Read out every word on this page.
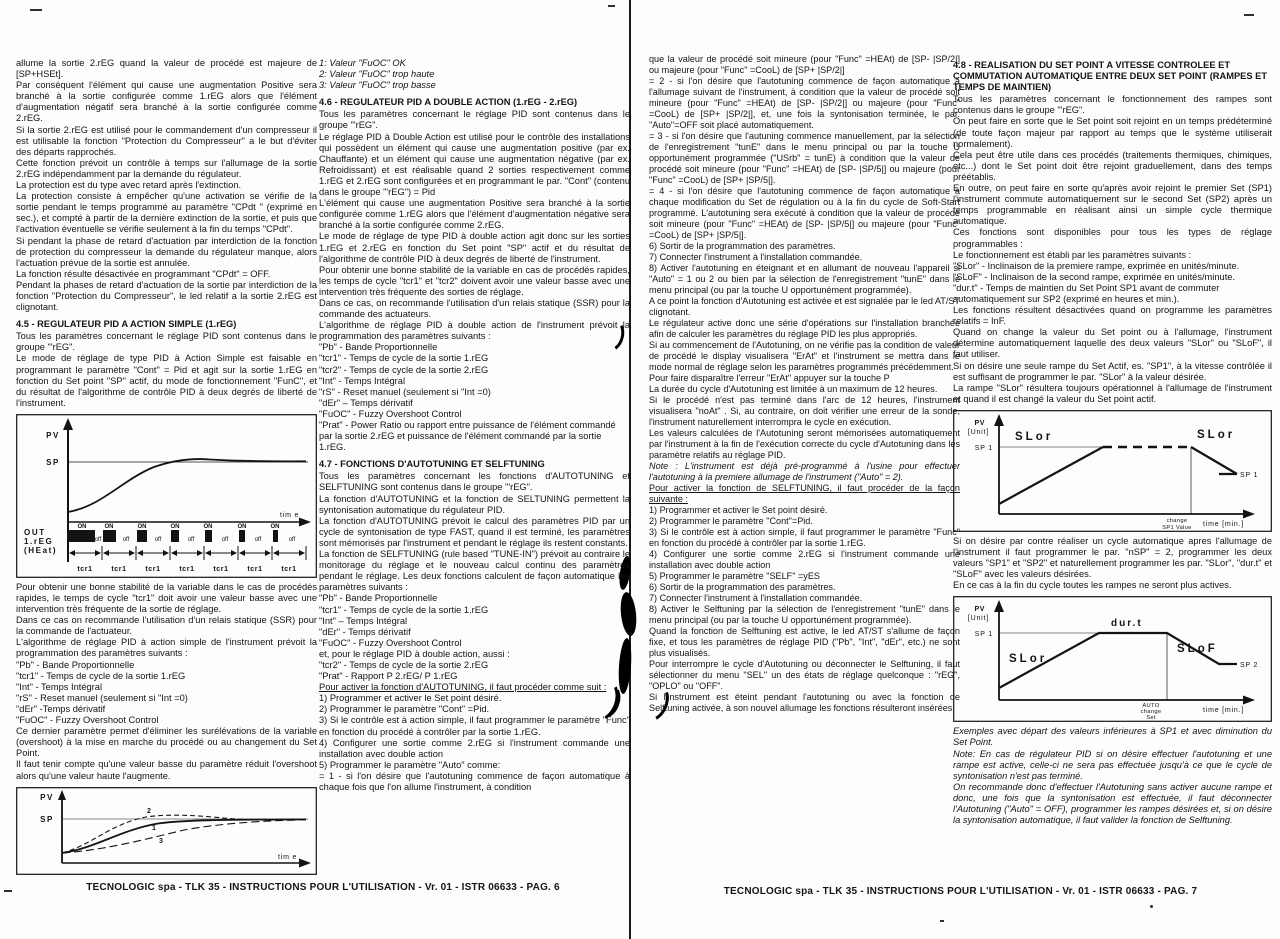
allume la sortie 2.rEG quand la valeur de procédé est majeure de [SP+HSEt].
Par conséquent l'élément qui cause une augmentation Positive sera branché à la sortie configurée comme 1.rEG alors que l'élément d'augmentation négatif sera branché à la sortie configurée comme 2.rEG.
Si la sortie 2.rEG est utilisé pour le commandement d'un compresseur il est utilisable la fonction "Protection du Compresseur" a le but d'éviter des départs rapprochés.
Cette fonction prévoit un contrôle à temps sur l'allumage de la sortie 2.rEG indépendamment par la demande du régulateur.
La protection est du type avec retard après l'extinction.
La protection consiste à empêcher qu'une activation se vérifie de la sortie pendant le temps programmé au paramètre "CPdt " (exprimé en sec.), et compté à partir de la dernière extinction de la sortie, et puis que l'activation éventuelle se vérifie seulement à la fin du temps "CPdt".
Si pendant la phase de retard d'actuation par interdiction de la fonction de protection du compresseur la demande du régulateur manque, alors l'actuation prévue de la sortie est annulée.
La fonction résulte désactivée en programmant "CPdt" = OFF.
Pendant la phases de retard d'actuation de la sortie par interdiction de la fonction "Protection du Compresseur", le led relatif a la sortie 2.rEG est clignotant.
4.5 - REGULATEUR PID A ACTION SIMPLE (1.rEG)
Tous les paramètres concernant le réglage PID sont contenus dans le groupe "'rEG".
Le mode de réglage de type PID à Action Simple est faisable en programmant le paramètre "Cont" = Pid et agit sur la sortie 1.rEG en fonction du Set point "SP" actif, du mode de fonctionnement "FunC", et du résultat de l'algorithme de contrôle PID à deux degrés de liberté de l'instrument.
PV
SP
tim e
OUT
1.rEG
(HEat)
ON	ON	ON	ON	ON	ON	ON
off	off	off	off	off	off	off
tcr1	tcr1	tcr1	tcr1	tcr1	tcr1	tcr1
Pour obtenir une bonne stabilité de la variable dans le cas de procédés rapides, le temps de cycle "tcr1" doit avoir une valeur basse avec une intervention très fréquente de la sortie de réglage.
Dans ce cas on recommande l'utilisation d'un relais statique (SSR) pour la commande de l'actuateur.
L'algorithme de réglage PID à action simple de l'instrument prévoit la programmation des paramètres suivants :
"Pb" - Bande Proportionnelle
"tcr1" - Temps de cycle de la sortie 1.rEG
"Int" - Temps Intégral
"rS" - Reset manuel (seulement si "Int =0)
"dEr" -Temps dérivatif
"FuOC" - Fuzzy Overshoot Control
Ce dernier paramètre permet d'éliminer les surélévations de la variable (overshoot) à la mise en marche du procédé ou au changement du Set Point.
Il faut tenir compte qu'une valeur basse du paramètre réduit l'overshoot alors qu'une valeur haute l'augmente.
PV
SP
tim e
2
1
3
1: Valeur "FuOC" OK
2: Valeur "FuOC" trop haute
3: Valeur "FuOC" trop basse
4.6 - REGULATEUR PID A DOUBLE ACTION (1.rEG - 2.rEG)
Tous les paramètres concernant le réglage PID sont contenus dans le groupe "'rEG".
Le réglage PID à Double Action est utilisé pour le contrôle des installations qui possèdent un élément qui cause une augmentation positive (par ex. Chauffante) et un élément qui cause une augmentation négative (par ex. Refroidissant) et est réalisable quand 2 sorties respectivement comme 1.rEG et 2.rEG sont configurées et en programmant le par. "Cont" (contenu dans le groupe "'rEG") = Pid
L'élément qui cause une augmentation Positive sera branché à la sortie configurée comme 1.rEG alors que l'élément d'augmentation négative sera branché à la sortie configurée comme 2.rEG.
Le mode de réglage de type PID à double action agit donc sur les sorties 1.rEG et 2.rEG en fonction du Set point "SP" actif et du résultat de l'algorithme de contrôle PID à deux degrés de liberté de l'instrument.
Pour obtenir une bonne stabilité de la variable en cas de procédés rapides, les temps de cycle "tcr1" et "tcr2" doivent avoir une valeur basse avec une intervention très fréquente des sorties de réglage.
Dans ce cas, on recommande l'utilisation d'un relais statique (SSR) pour la commande des actuateurs.
L'algorithme de réglage PID à double action de l'instrument prévoit la programmation des paramètres suivants :
"Pb" - Bande Proportionnelle
"tcr1" - Temps de cycle de la sortie 1.rEG
"tcr2" - Temps de cycle de la sortie 2.rEG
"Int" - Temps Intégral
"rS" - Reset manuel (seulement si "Int =0)
"dEr" – Temps dérivatif
"FuOC" - Fuzzy Overshoot Control
"Prat" - Power Ratio ou rapport entre puissance de l'élément commandé par la sortie 2.rEG et puissance de l'élément commandé par la sortie 1.rEG.
4.7 - FONCTIONS D'AUTOTUNING ET SELFTUNING
Tous les paramètres concernant les fonctions d'AUTOTUNING et SELFTUNING sont contenus dans le groupe "'rEG".
La fonction d'AUTOTUNING et la fonction de SELTUNING permettent la syntonisation automatique du régulateur PID.
La fonction d'AUTOTUNING prévoit le calcul des paramètres PID par un cycle de syntonisation de type FAST, quand il est terminé, les paramètres sont mémorisés par l'instrument et pendant le réglage ils restent constants.
La fonction de SELFTUNING (rule based "TUNE-IN") prévoit au contraire le monitorage du réglage et le nouveau calcul continu des paramètres pendant le réglage. Les deux fonctions calculent de façon automatique les paramètres suivants :
"Pb" - Bande Proportionnelle
"tcr1" - Temps de cycle de la sortie 1.rEG
"Int" – Temps Intégral
"dEr" - Temps dérivatif
"FuOC" - Fuzzy Overshoot Control
et, pour le réglage PID à double action, aussi :
"tcr2" - Temps de cycle de la sortie 2.rEG
"Prat" - Rapport P 2.rEG/ P 1.rEG
Pour activer la fonction d'AUTOTUNING, il faut procéder comme suit :
1) Programmer et activer le Set point désiré.
2) Programmer le paramètre "Cont" =Pid.
3) Si le contrôle est à action simple, il faut programmer le paramètre "Func" en fonction du procédé à contrôler par la sortie 1.rEG.
4) Configurer une sortie comme 2.rEG si l'instrument commande une installation avec double action
5) Programmer le paramètre "Auto" comme:
= 1 - si l'on désire que l'autotuning commence de façon automatique à chaque fois que l'on allume l'instrument, à condition
que la valeur de procédé soit mineure (pour "Func" =HEAt) de [SP- |SP/2|] ou majeure (pour "Func" =CooL) de [SP+ |SP/2|]
= 2 - si l'on désire que l'autotuning commence de façon automatique à l'allumage suivant de l'instrument, à condition que la valeur de procédé soit mineure (pour "Func" =HEAt) de [SP- |SP/2|] ou majeure (pour "Func" =CooL) de [SP+ |SP/2|], et, une fois la syntonisation terminée, le par. "Auto"=OFF soit placé automatiquement.
= 3 - si l'on désire que l'autuning commence manuellement, par la sélection de l'enregistrement "tunE" dans le menu principal ou par la touche U opportunément programmée ("USrb" = tunE) à condition que la valeur de procédé soit mineure (pour "Func" =HEAt) de [SP- |SP/5|] ou majeure (pour "Func" =CooL) de [SP+ |SP/5|].
= 4 - si l'on désire que l'autotuning commence de façon automatique à chaque modification du Set de régulation ou à la fin du cycle de Soft-Start programmé. L'autotuning sera exécuté à condition que la valeur de procédé soit mineure (pour "Func" =HEAt) de [SP- |SP/5|] ou majeure (pour "Func" =CooL) de [SP+ |SP/5|].
6) Sortir de la programmation des paramètres.
7) Connecter l'instrument à l'installation commandée.
8) Activer l'autotuning en éteignant et en allumant de nouveau l'appareil si "Auto" = 1 ou 2 ou bien par la sélection de l'enregistrement "tunE" dans le menu principal (ou par la touche U opportunément programmée).
A ce point la fonction d'Autotuning est activée et est signalée par le led AT/ST clignotant.
Le régulateur active donc une série d'opérations sur l'installation branchée afin de calculer les paramètres du réglage PID les plus appropriés.
Si au commencement de l'Autotuning, on ne vérifie pas la condition de valeur de procédé le display visualisera "ErAt" et l'instrument se mettra dans le mode normal de réglage selon les paramètres programmés précédemment.
Pour faire disparaître l'erreur "ErAt" appuyer sur la touche P
La durée du cycle d'Autotuning est limitée à un maximum de 12 heures.
Si le procédé n'est pas terminé dans l'arc de 12 heures, l'instrument visualisera "noAt" . Si, au contraire, on doit vérifier une erreur de la sonde, l'instrument naturellement interrompra le cycle en exécution.
Les valeurs calculées de l'Autotuning seront mémorisées automatiquement par l'instrument à la fin de l'exécution correcte du cycle d'Autotuning dans les paramètre relatifs au réglage PID.
Note : L'instrument est déjà pré-programmé à l'usine pour effectuer l'autotuning à la premiere allumage de l'instrument ("Auto" = 2).
Pour activer la fonction de SELFTUNING, il faut procéder de la façon suivante :
1) Programmer et activer le Set point désiré.
2) Programmer le paramètre "Cont"=Pid.
3) Si le contrôle est à action simple, il faut programmer le paramètre "Func" en fonction du procédé à contrôler par la sortie 1.rEG.
4) Configurer une sortie comme 2.rEG si l'instrument commande une installation avec double action
5) Programmer le paramètre "SELF" =yES
6) Sortir de la programmation des paramètres.
7) Connecter l'instrument à l'installation commandée.
8) Activer le Selftuning par la sélection de l'enregistrement "tunE" dans le menu principal (ou par la touche U opportunément programmée).
Quand la fonction de Selftuning est active, le led AT/ST s'allume de façon fixe, et tous les paramètres de réglage PID ("Pb", "Int", "dEr", etc.) ne sont plus visualisés.
Pour interrompre le cycle d'Autotuning ou déconnecter le Selftuning, il faut sélectionner du menu "SEL" un des états de réglage quelconque : "rEG", "OPLO" ou "OFF".
Si l'instrument est éteint pendant l'autotuning ou avec la fonction de Selftuning activée, à son nouvel allumage les fonctions résulteront insérées.
4.8 - REALISATION DU SET POINT A VITESSE CONTROLEE ET COMMUTATION AUTOMATIQUE ENTRE DEUX SET POINT (RAMPES ET TEMPS DE MAINTIEN)
Tous les paramètres concernant le fonctionnement des rampes sont contenus dans le groupe "'rEG".
On peut faire en sorte que le Set point soit rejoint en un temps prédéterminé (de toute façon majeur par rapport au temps que le système utiliserait normalement).
Cela peut être utile dans ces procédés (traitements thermiques, chimiques, etc...) dont le Set point doit être rejoint graduellement, dans des temps préétablis.
En outre, on peut faire en sorte qu'après avoir rejoint le premier Set (SP1) l'instrument commute automatiquement sur le second Set (SP2) après un temps programmable en réalisant ainsi un simple cycle thermique automatique.
Ces fonctions sont disponibles pour tous les types de réglage programmables :
Le fonctionnement est établi par les paramètres suivants :
"SLor" - Inclinaison de la premiere rampe, exprimée en unités/minute.
"SLoF" - Inclinaison de la second rampe, exprimée en unités/minute.
"dur.t" - Temps de maintien du Set Point SP1 avant de commuter automatiquement sur SP2 (exprimé en heures et min.).
Les fonctions résultent désactivées quand on programme les paramètres relatifs = InF.
Quand on change la valeur du Set point ou à l'allumage, l'instrument détermine automatiquement laquelle des deux valeurs "SLor" ou "SLoF", il faut utiliser.
Si on désire une seule rampe du Set Actif, es. "SP1", à la vitesse contrôlée il est suffisant de programmer le par. "SLor" à la valeur désirée.
La rampe "SLor" résultera toujours opérationnel à l'allumage de l'instrument et quand il est changé la valeur du Set point actif.
PV
[Unit]
SP 1
SLor	SLor
SP 1
change
SP1 Value time [min.]
Si on désire par contre réaliser un cycle automatique apres l'allumage de l'instrument il faut programmer le par. "nSP" = 2, programmer les deux valeurs "SP1" et "SP2" et naturellement programmer les par. "SLor", "dur.t" et "SLoF" avec les valeurs désirées.
En ce cas à la fin du cycle toutes les rampes ne seront plus actives.
PV
[Unit]
SP 1
SLor
dur.t
SLoF
SP 2
AUTO
change
Set
time [min.]
Exemples avec départ des valeurs inférieures à SP1 et avec diminution du Set Point.
Note: En cas de régulateur PID si on désire effectuer l'autotuning et une rampe est active, celle-ci ne sera pas effectuée jusqu'à ce que le cycle de syntonisation n'est pas terminé.
On recommande donc d'effectuer l'Autotuning sans activer aucune rampe et donc, une fois que la syntonisation est effectuée, il faut déconnecter l'Autotuning ("Auto" = OFF), programmer les rampes désirées et, si on désire la syntonisation automatique, il faut valider la fonction de Selftuning.
TECNOLOGIC spa - TLK 35 - INSTRUCTIONS POUR L'UTILISATION - Vr. 01 - ISTR 06633 - PAG. 6	TECNOLOGIC spa - TLK 35 - INSTRUCTIONS POUR L'UTILISATION - Vr. 01 - ISTR 06633 - PAG. 7
